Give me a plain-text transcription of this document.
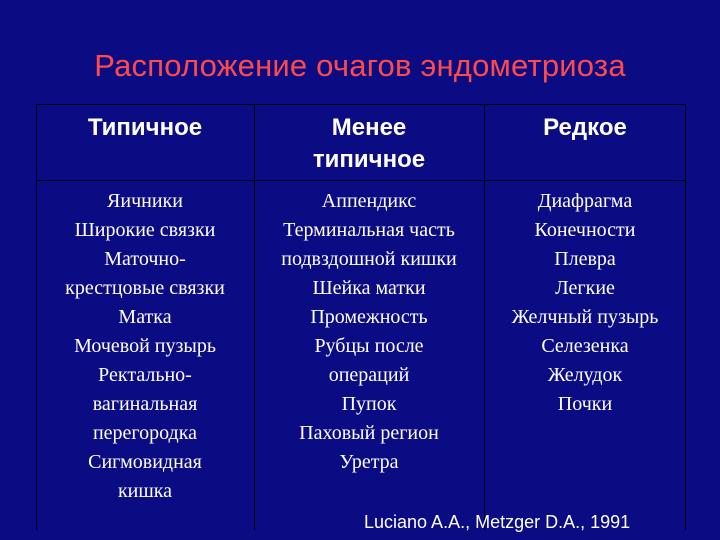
Расположение очагов эндометриоза
Типичное	Менее
типичное
Редкое
Яичники
Широкие связки
Маточно-
крестцовые связки
Матка
Мочевой пузырь
Ректально-
вагинальная
перегородка
Сигмовидная
кишка
Аппендикс
Терминальная часть
подвздошной кишки
Шейка матки
Промежность
Рубцы после
операций
Пупок
Паховый регион
Уретра
Диафрагма
Конечности
Плевра
Легкие
Желчный пузырь
Селезенка
Желудок
Почки
Luciano A.A., Metzger D.A., 1991
